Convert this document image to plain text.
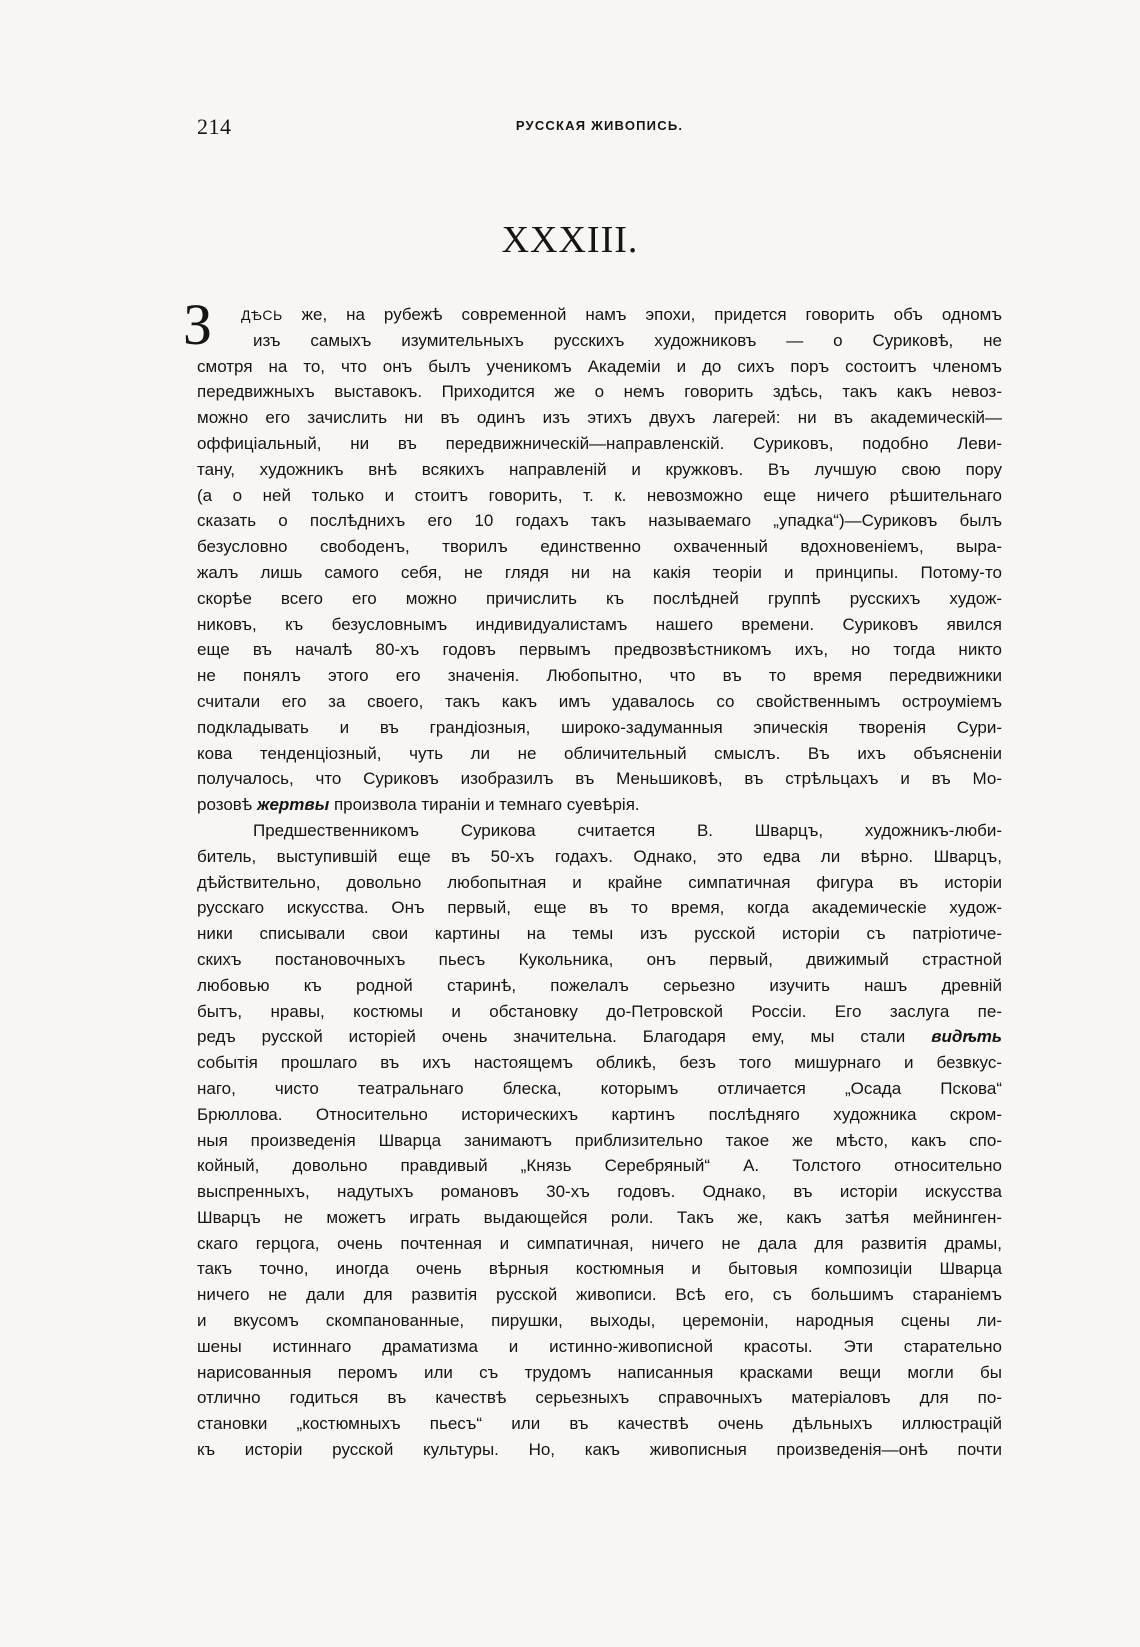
214	РУССКАЯ ЖИВОПИСЬ.
XXXIII.
З ДѢСЬ же, на рубежѣ современной намъ эпохи, придется говорить объ одномъ
изъ самыхъ изумительныхъ русскихъ художниковъ — о Суриковѣ, не
смотря на то, что онъ былъ ученикомъ Академіи и до сихъ поръ состоитъ членомъ
передвижныхъ выставокъ. Приходится же о немъ говорить здѣсь, такъ какъ невоз-
можно его зачислить ни въ одинъ изъ этихъ двухъ лагерей: ни въ академическій—
оффиціальный, ни въ передвижническій—направленскій. Суриковъ, подобно Леви-
тану, художникъ внѣ всякихъ направленій и кружковъ. Въ лучшую свою пору
(а о ней только и стоитъ говорить, т. к. невозможно еще ничего рѣшительнаго
сказать о послѣднихъ его 10 годахъ такъ называемаго „упадка“)—Суриковъ былъ
безусловно свободенъ, творилъ единственно охваченный вдохновеніемъ, выра-
жалъ лишь самого себя, не глядя ни на какія теоріи и принципы. Потому-то
скорѣе всего его можно причислить къ послѣдней группѣ русскихъ худож-
никовъ, къ безусловнымъ индивидуалистамъ нашего времени. Суриковъ явился
еще въ началѣ 80-хъ годовъ первымъ предвозвѣстникомъ ихъ, но тогда никто
не понялъ этого его значенія. Любопытно, что въ то время передвижники
считали его за своего, такъ какъ имъ удавалось со свойственнымъ остроуміемъ
подкладывать и въ грандіозныя, широко-задуманныя эпическія творенія Сури-
кова тенденціозный, чуть ли не обличительный смыслъ. Въ ихъ объясненіи
получалось, что Суриковъ изобразилъ въ Меньшиковѣ, въ стрѣльцахъ и въ Мо-
розовѣ жертвы произвола тираніи и темнаго суевѣрія.
Предшественникомъ Сурикова считается В. Шварцъ, художникъ-люби-
битель, выступившій еще въ 50-хъ годахъ. Однако, это едва ли вѣрно. Шварцъ,
дѣйствительно, довольно любопытная и крайне симпатичная фигура въ исторіи
русскаго искусства. Онъ первый, еще въ то время, когда академическіе худож-
ники списывали свои картины на темы изъ русской исторіи съ патріотиче-
скихъ постановочныхъ пьесъ Кукольника, онъ первый, движимый страстной
любовью къ родной старинѣ, пожелалъ серьезно изучить нашъ древній
бытъ, нравы, костюмы и обстановку до-Петровской Россіи. Его заслуга пе-
редъ русской исторіей очень значительна. Благодаря ему, мы стали видѣть
событія прошлаго въ ихъ настоящемъ обликѣ, безъ того мишурнаго и безвкус-
наго, чисто театральнаго блеска, которымъ отличается „Осада Пскова“
Брюллова. Относительно историческихъ картинъ послѣдняго художника скром-
ныя произведенія Шварца занимаютъ приблизительно такое же мѣсто, какъ спо-
койный, довольно правдивый „Князь Серебряный“ А. Толстого относительно
выспренныхъ, надутыхъ романовъ 30-хъ годовъ. Однако, въ исторіи искусства
Шварцъ не можетъ играть выдающейся роли. Такъ же, какъ затѣя мейнинген-
скаго герцога, очень почтенная и симпатичная, ничего не дала для развитія драмы,
такъ точно, иногда очень вѣрныя костюмныя и бытовыя композиціи Шварца
ничего не дали для развитія русской живописи. Всѣ его, съ большимъ стараніемъ
и вкусомъ скомпанованные, пирушки, выходы, церемоніи, народныя сцены ли-
шены истиннаго драматизма и истинно-живописной красоты. Эти старательно
нарисованныя перомъ или съ трудомъ написанныя красками вещи могли бы
отлично годиться въ качествѣ серьезныхъ справочныхъ матеріаловъ для по-
становки „костюмныхъ пьесъ“ или въ качествѣ очень дѣльныхъ иллюстрацій
къ исторіи русской культуры. Но, какъ живописныя произведенія—онѣ почти
